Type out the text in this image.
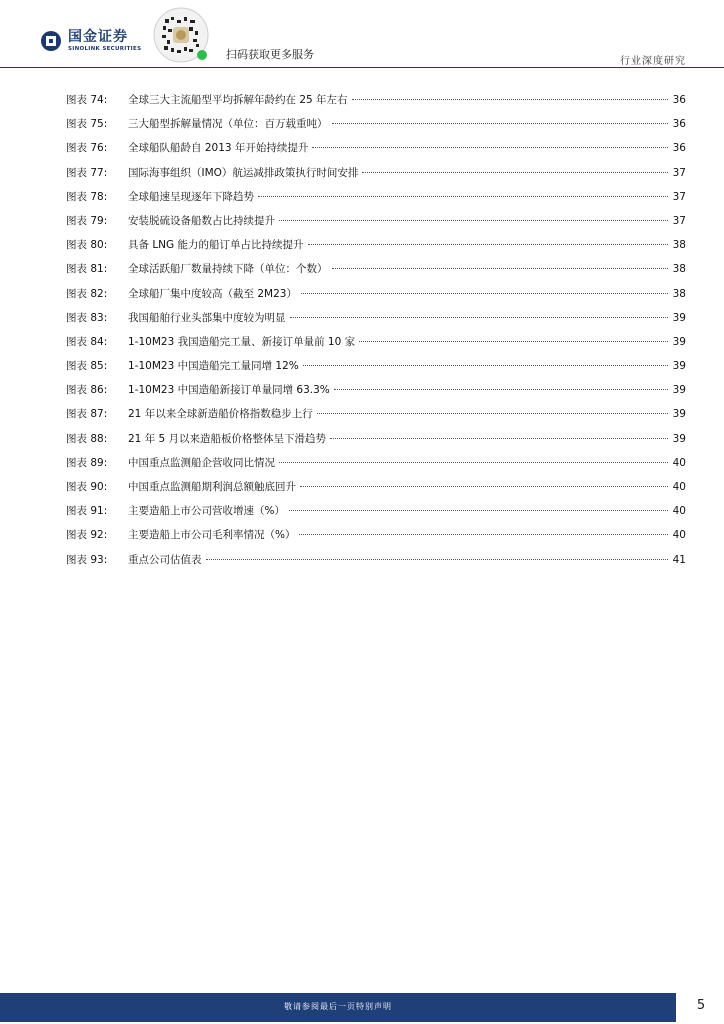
国金证券
SINOLINK SECURITIES	扫码获取更多服务
行业深度研究
图表 74:	全球三大主流船型平均拆解年龄约在 25 年左右	36
图表 75:	三大船型拆解量情况（单位：百万载重吨）	36
图表 76:	全球船队船龄自 2013 年开始持续提升	36
图表 77:	国际海事组织（IMO）航运减排政策执行时间安排	37
图表 78:	全球船速呈现逐年下降趋势	37
图表 79:	安装脱硫设备船数占比持续提升	37
图表 80:	具备 LNG 能力的船订单占比持续提升	38
图表 81:	全球活跃船厂数量持续下降（单位：个数）	38
图表 82:	全球船厂集中度较高（截至 2M23）	38
图表 83:	我国船舶行业头部集中度较为明显	39
图表 84:	1-10M23 我国造船完工量、新接订单量前 10 家	39
图表 85:	1-10M23 中国造船完工量同增 12%	39
图表 86:	1-10M23 中国造船新接订单量同增 63.3%	39
图表 87:	21 年以来全球新造船价格指数稳步上行	39
图表 88:	21 年 5 月以来造船板价格整体呈下滑趋势	39
图表 89:	中国重点监测船企营收同比情况	40
图表 90:	中国重点监测船期利润总额触底回升	40
图表 91:	主要造船上市公司营收增速（%）	40
图表 92:	主要造船上市公司毛利率情况（%）	40
图表 93:	重点公司估值表	41
敬请参阅最后一页特别声明	5
